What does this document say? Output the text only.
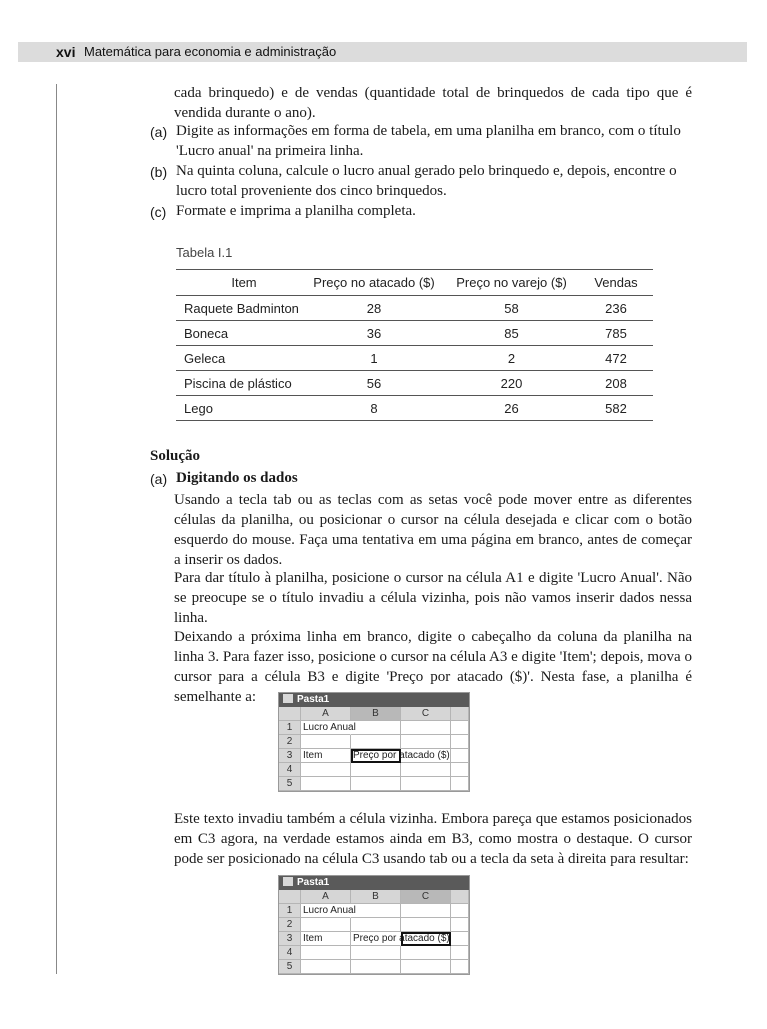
xvi Matemática para economia e administração

cada brinquedo) e de vendas (quantidade total de brinquedos de cada tipo que é vendida durante o ano).

(a) Digite as informações em forma de tabela, em uma planilha em branco, com o título 'Lucro anual' na primeira linha.

(b) Na quinta coluna, calcule o lucro anual gerado pelo brinquedo e, depois, encontre o lucro total proveniente dos cinco brinquedos.

(c) Formate e imprima a planilha completa.

Tabela I.1
Item	Preço no atacado ($)	Preço no varejo ($)	Vendas
Raquete Badminton	28	58	236
Boneca	36	85	785
Geleca	1	2	472
Piscina de plástico	56	220	208
Lego	8	26	582

Solução

(a) Digitando os dados

Usando a tecla tab ou as teclas com as setas você pode mover entre as diferentes células da planilha, ou posicionar o cursor na célula desejada e clicar com o botão esquerdo do mouse. Faça uma tentativa em uma página em branco, antes de começar a inserir os dados.

Para dar título à planilha, posicione o cursor na célula A1 e digite 'Lucro Anual'. Não se preocupe se o título invadiu a célula vizinha, pois não vamos inserir dados nessa linha.

Deixando a próxima linha em branco, digite o cabeçalho da coluna da planilha na linha 3. Para fazer isso, posicione o cursor na célula A3 e digite 'Item'; depois, mova o cursor para a célula B3 e digite 'Preço por atacado ($)'. Nesta fase, a planilha é semelhante a:	Pasta1
A	B	C
1	Lucro Anual
2
3	Item	Preço por atacado ($)
4
5

Este texto invadiu também a célula vizinha. Embora pareça que estamos posicionados em C3 agora, na verdade estamos ainda em B3, como mostra o destaque. O cursor pode ser posicionado na célula C3 usando tab ou a tecla da seta à direita para resultar:

Pasta1
A	B	C
1	Lucro Anual
2
3	Item	Preço por atacado ($)
4
5
